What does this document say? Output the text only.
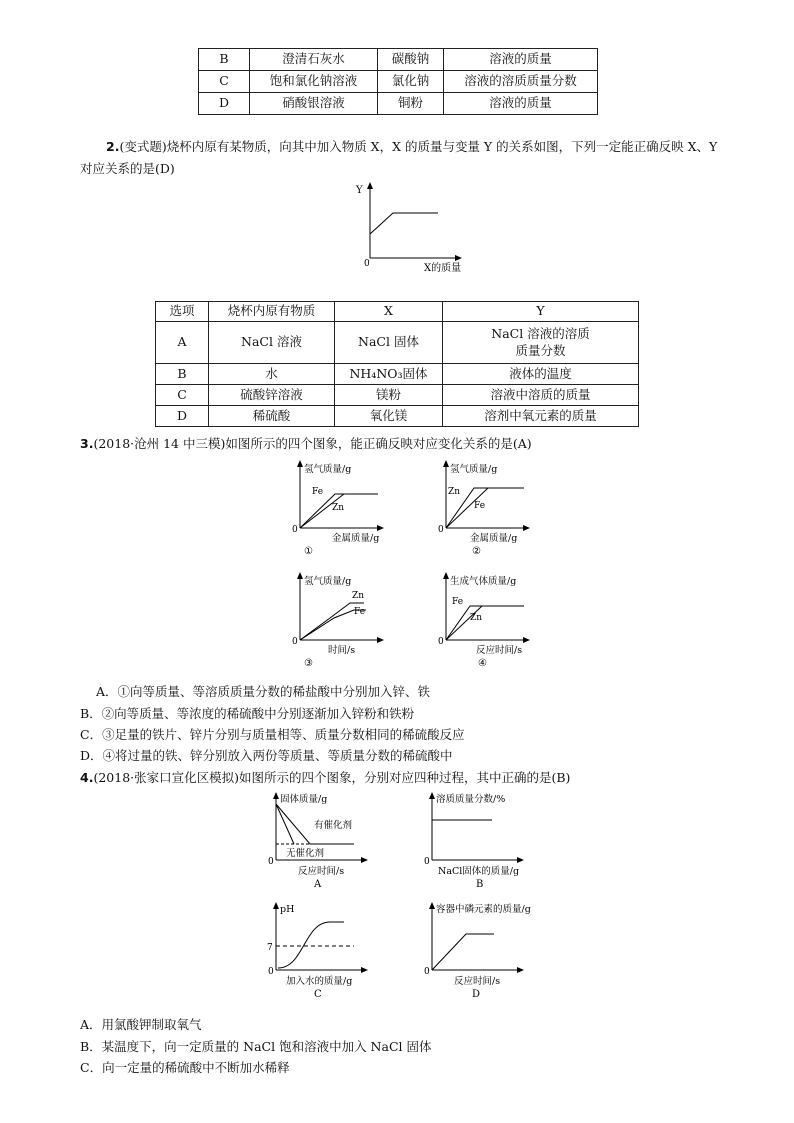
B	澄清石灰水	碳酸钠	溶液的质量
C	饱和氯化钠溶液	氯化钠	溶液的溶质质量分数
D	硝酸银溶液	铜粉	溶液的质量
2.(变式题)烧杯内原有某物质，向其中加入物质 X，X 的质量与变量 Y 的关系如图，下列一定能正确反映 X、Y
对应关系的是(D)
Y
0	X的质量
选项	烧杯内原有物质	X	Y
A	NaCl 溶液	NaCl 固体	NaCl 溶液的溶质
质量分数

B	水	NH₄NO₃固体	液体的温度
C	硫酸锌溶液	镁粉	溶液中溶质的质量
D	稀硫酸	氧化镁	溶剂中氧元素的质量
3.(2018·沧州 14 中三模)如图所示的四个图象，能正确反映对应变化关系的是(A)
氢气质量/g
Fe
Zn
0
金属质量/g
①
氢气质量/g
Zn
Fe
0
金属质量/g
②
氢气质量/g
Zn
Fe
0
时间/s
③
生成气体质量/g
Fe
Zn
0
反应时间/s
④
A．①向等质量、等溶质质量分数的稀盐酸中分别加入锌、铁
B．②向等质量、等浓度的稀硫酸中分别逐渐加入锌粉和铁粉
C．③足量的铁片、锌片分别与质量相等、质量分数相同的稀硫酸反应
D．④将过量的铁、锌分别放入两份等质量、等质量分数的稀硫酸中
4.(2018·张家口宣化区模拟)如图所示的四个图象，分别对应四种过程，其中正确的是(B)
固体质量/g
有催化剂
无催化剂
0
反应时间/s
A
溶质质量分数/%
0
NaCl固体的质量/g
B
pH
7
0
加入水的质量/g
C
容器中磷元素的质量/g
0
反应时间/s
D
A．用氯酸钾制取氧气
B．某温度下，向一定质量的 NaCl 饱和溶液中加入 NaCl 固体
C．向一定量的稀硫酸中不断加水稀释
